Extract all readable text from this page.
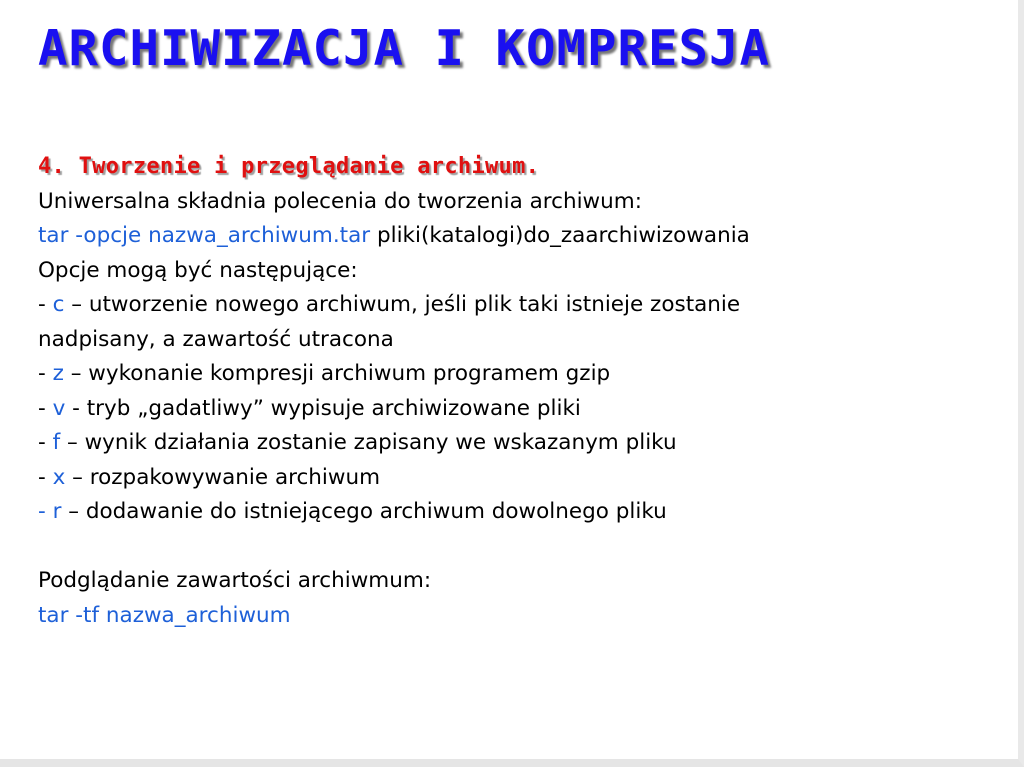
ARCHIWIZACJA I KOMPRESJA
4. Tworzenie i przeglądanie archiwum.
Uniwersalna składnia polecenia do tworzenia archiwum:
tar -opcje nazwa_archiwum.tar pliki(katalogi)do_zaarchiwizowania
Opcje mogą być następujące:
- c – utworzenie nowego archiwum, jeśli plik taki istnieje zostanie
nadpisany, a zawartość utracona
- z – wykonanie kompresji archiwum programem gzip
- v - tryb „gadatliwy” wypisuje archiwizowane pliki
- f – wynik działania zostanie zapisany we wskazanym pliku
- x – rozpakowywanie archiwum
- r – dodawanie do istniejącego archiwum dowolnego pliku
Podglądanie zawartości archiwmum:
tar -tf nazwa_archiwum
